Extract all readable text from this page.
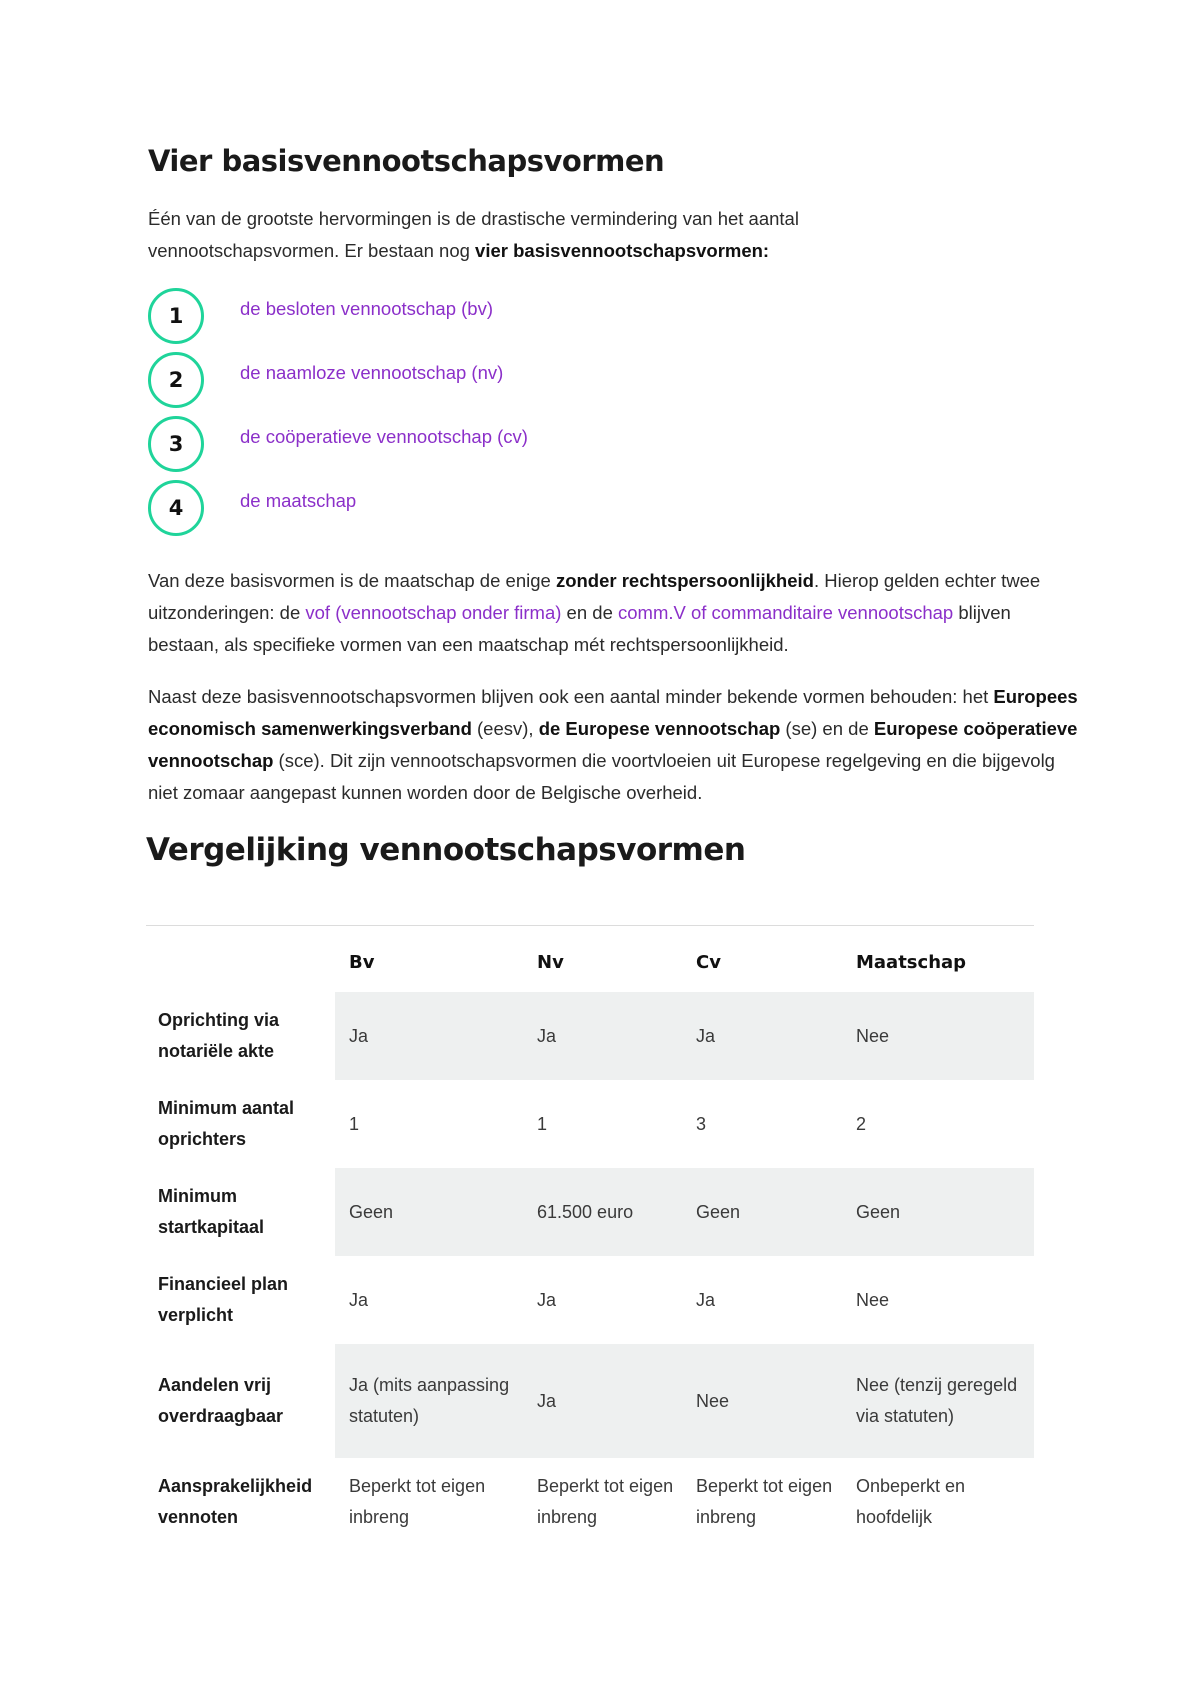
Vier basisvennootschapsvormen

Één van de grootste hervormingen is de drastische vermindering van het aantal vennootschapsvormen. Er bestaan nog vier basisvennootschapsvormen:

1	de besloten vennootschap (bv)
2	de naamloze vennootschap (nv)
3	de coöperatieve vennootschap (cv)
4	de maatschap

Van deze basisvormen is de maatschap de enige zonder rechtspersoonlijkheid. Hierop gelden echter twee uitzonderingen: de vof (vennootschap onder firma) en de comm.V of commanditaire vennootschap blijven bestaan, als specifieke vormen van een maatschap mét rechtspersoonlijkheid.

Naast deze basisvennootschapsvormen blijven ook een aantal minder bekende vormen behouden: het Europees economisch samenwerkingsverband (eesv), de Europese vennootschap (se) en de Europese coöperatieve vennootschap (sce). Dit zijn vennootschapsvormen die voortvloeien uit Europese regelgeving en die bijgevolg niet zomaar aangepast kunnen worden door de Belgische overheid.

Vergelijking vennootschapsvormen
	Bv	Nv	Cv	Maatschap
Oprichting via notariële akte	Ja	Ja	Ja	Nee
Minimum aantal oprichters	1	1	3	2
Minimum startkapitaal	Geen	61.500 euro	Geen	Geen
Financieel plan verplicht	Ja	Ja	Ja	Nee
Aandelen vrij overdraagbaar	Ja (mits aanpassing statuten)	Ja	Nee	Nee (tenzij geregeld via statuten)
Aansprakelijkheid vennoten	Beperkt tot eigen inbreng	Beperkt tot eigen inbreng	Beperkt tot eigen inbreng	Onbeperkt en hoofdelijk
